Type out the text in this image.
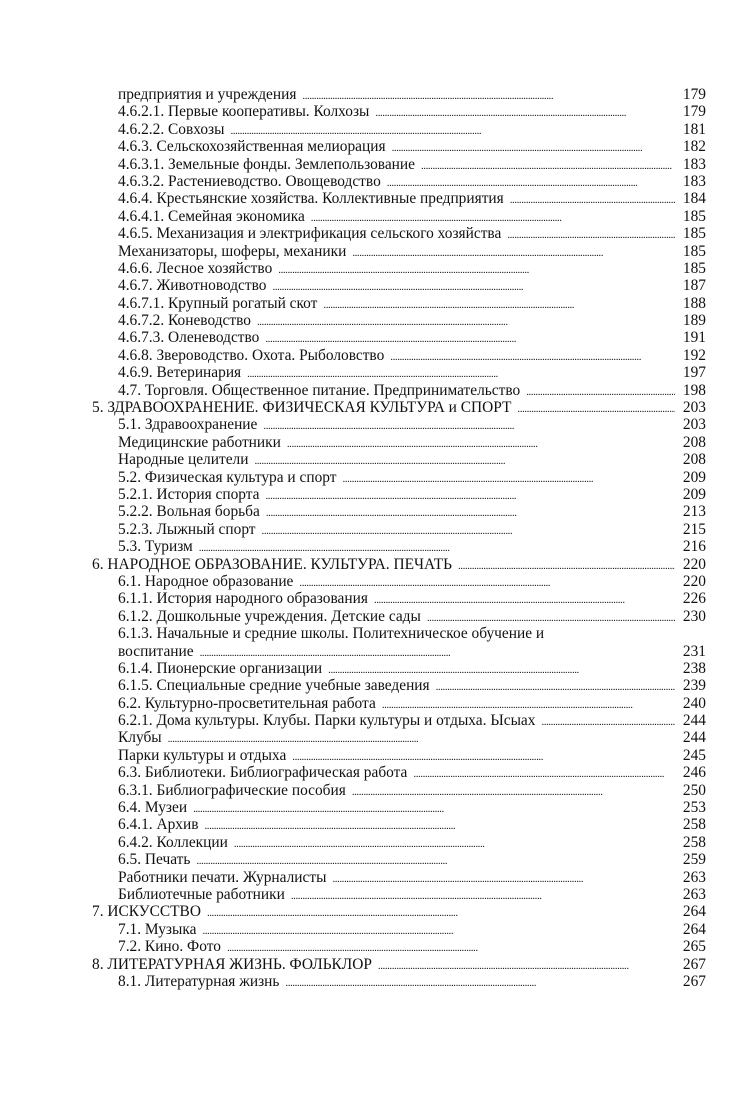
предприятия и учреждения . . .	179
4.6.2.1. Первые кооперативы. Колхозы . . .	179
4.6.2.2. Совхозы . . .	181
4.6.3. Сельскохозяйственная мелиорация . . .	182
4.6.3.1. Земельные фонды. Землепользование . . .	183
4.6.3.2. Растениеводство. Овощеводство . . .	183
4.6.4. Крестьянские хозяйства. Коллективные предприятия . . .	184
4.6.4.1. Семейная экономика . . .	185
4.6.5. Механизация и электрификация сельского хозяйства . . .	185
Механизаторы, шоферы, механики . . .	185
4.6.6. Лесное хозяйство . . .	185
4.6.7. Животноводство . . .	187
4.6.7.1. Крупный рогатый скот . . .	188
4.6.7.2. Коневодство . . .	189
4.6.7.3. Оленеводство . . .	191
4.6.8. Звероводство. Охота. Рыболовство . . .	192
4.6.9. Ветеринария . . .	197
4.7. Торговля. Общественное питание. Предпринимательство . . .	198
5. ЗДРАВООХРАНЕНИЕ. ФИЗИЧЕСКАЯ КУЛЬТУРА и СПОРТ . . .	203
5.1. Здравоохранение . . .	203
Медицинские работники . . .	208
Народные целители . . .	208
5.2. Физическая культура и спорт . . .	209
5.2.1. История спорта . . .	209
5.2.2. Вольная борьба . . .	213
5.2.3. Лыжный спорт . . .	215
5.3. Туризм . . .	216
6. НАРОДНОЕ ОБРАЗОВАНИЕ. КУЛЬТУРА. ПЕЧАТЬ . . .	220
6.1. Народное образование . . .	220
6.1.1. История народного образования . . .	226
6.1.2. Дошкольные учреждения. Детские сады . . .	230
6.1.3. Начальные и средние школы. Политехническое обучение и
воспитание . . .	231
6.1.4. Пионерские организации . . .	238
6.1.5. Специальные средние учебные заведения . . .	239
6.2. Культурно-просветительная работа . . .	240
6.2.1. Дома культуры. Клубы. Парки культуры и отдыха. Ысыах . . .	244
Клубы . . .	244
Парки культуры и отдыха . . .	245
6.3. Библиотеки. Библиографическая работа . . .	246
6.3.1. Библиографические пособия . . .	250
6.4. Музеи . . .	253
6.4.1. Архив . . .	258
6.4.2. Коллекции . . .	258
6.5. Печать . . .	259
Работники печати. Журналисты . . .	263
Библиотечные работники . . .	263
7. ИСКУССТВО . . .	264
7.1. Музыка . . .	264
7.2. Кино. Фото . . .	265
8. ЛИТЕРАТУРНАЯ ЖИЗНЬ. ФОЛЬКЛОР . . .	267
8.1. Литературная жизнь . . .	267
